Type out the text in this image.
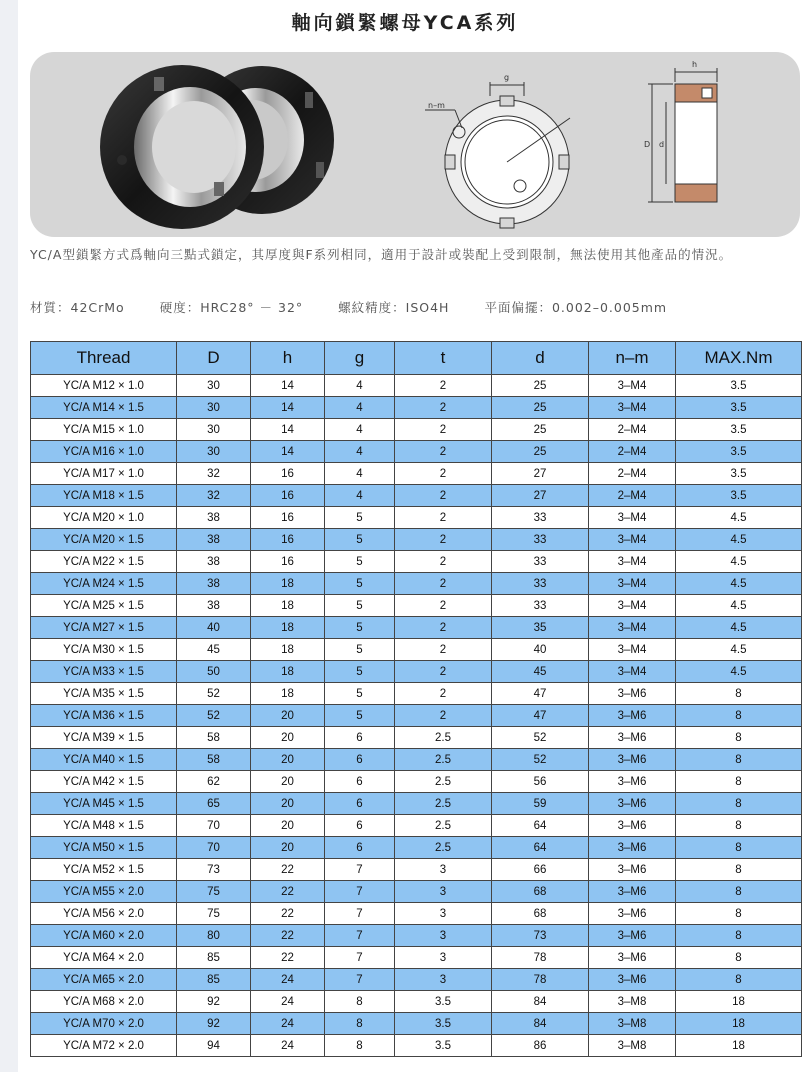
軸向鎖緊螺母YCA系列
g
n–m
h
D d
YC/A型鎖緊方式爲軸向三點式鎖定，其厚度與F系列相同，適用于設計或裝配上受到限制，無法使用其他產品的情況。
材質：42CrMo	硬度：HRC28° － 32°	螺紋精度：ISO4H	平面偏擺：0.002–0.005mm
Thread	D	h	g	t	d	n–m	MAX.Nm
YC/A M12 × 1.0	30	14	4	2	25	3–M4	3.5
YC/A M14 × 1.5	30	14	4	2	25	3–M4	3.5
YC/A M15 × 1.0	30	14	4	2	25	2–M4	3.5
YC/A M16 × 1.0	30	14	4	2	25	2–M4	3.5
YC/A M17 × 1.0	32	16	4	2	27	2–M4	3.5
YC/A M18 × 1.5	32	16	4	2	27	2–M4	3.5
YC/A M20 × 1.0	38	16	5	2	33	3–M4	4.5
YC/A M20 × 1.5	38	16	5	2	33	3–M4	4.5
YC/A M22 × 1.5	38	16	5	2	33	3–M4	4.5
YC/A M24 × 1.5	38	18	5	2	33	3–M4	4.5
YC/A M25 × 1.5	38	18	5	2	33	3–M4	4.5
YC/A M27 × 1.5	40	18	5	2	35	3–M4	4.5
YC/A M30 × 1.5	45	18	5	2	40	3–M4	4.5
YC/A M33 × 1.5	50	18	5	2	45	3–M4	4.5
YC/A M35 × 1.5	52	18	5	2	47	3–M6	8
YC/A M36 × 1.5	52	20	5	2	47	3–M6	8
YC/A M39 × 1.5	58	20	6	2.5	52	3–M6	8
YC/A M40 × 1.5	58	20	6	2.5	52	3–M6	8
YC/A M42 × 1.5	62	20	6	2.5	56	3–M6	8
YC/A M45 × 1.5	65	20	6	2.5	59	3–M6	8
YC/A M48 × 1.5	70	20	6	2.5	64	3–M6	8
YC/A M50 × 1.5	70	20	6	2.5	64	3–M6	8
YC/A M52 × 1.5	73	22	7	3	66	3–M6	8
YC/A M55 × 2.0	75	22	7	3	68	3–M6	8
YC/A M56 × 2.0	75	22	7	3	68	3–M6	8
YC/A M60 × 2.0	80	22	7	3	73	3–M6	8
YC/A M64 × 2.0	85	22	7	3	78	3–M6	8
YC/A M65 × 2.0	85	24	7	3	78	3–M6	8
YC/A M68 × 2.0	92	24	8	3.5	84	3–M8	18
YC/A M70 × 2.0	92	24	8	3.5	84	3–M8	18
YC/A M72 × 2.0	94	24	8	3.5	86	3–M8	18
